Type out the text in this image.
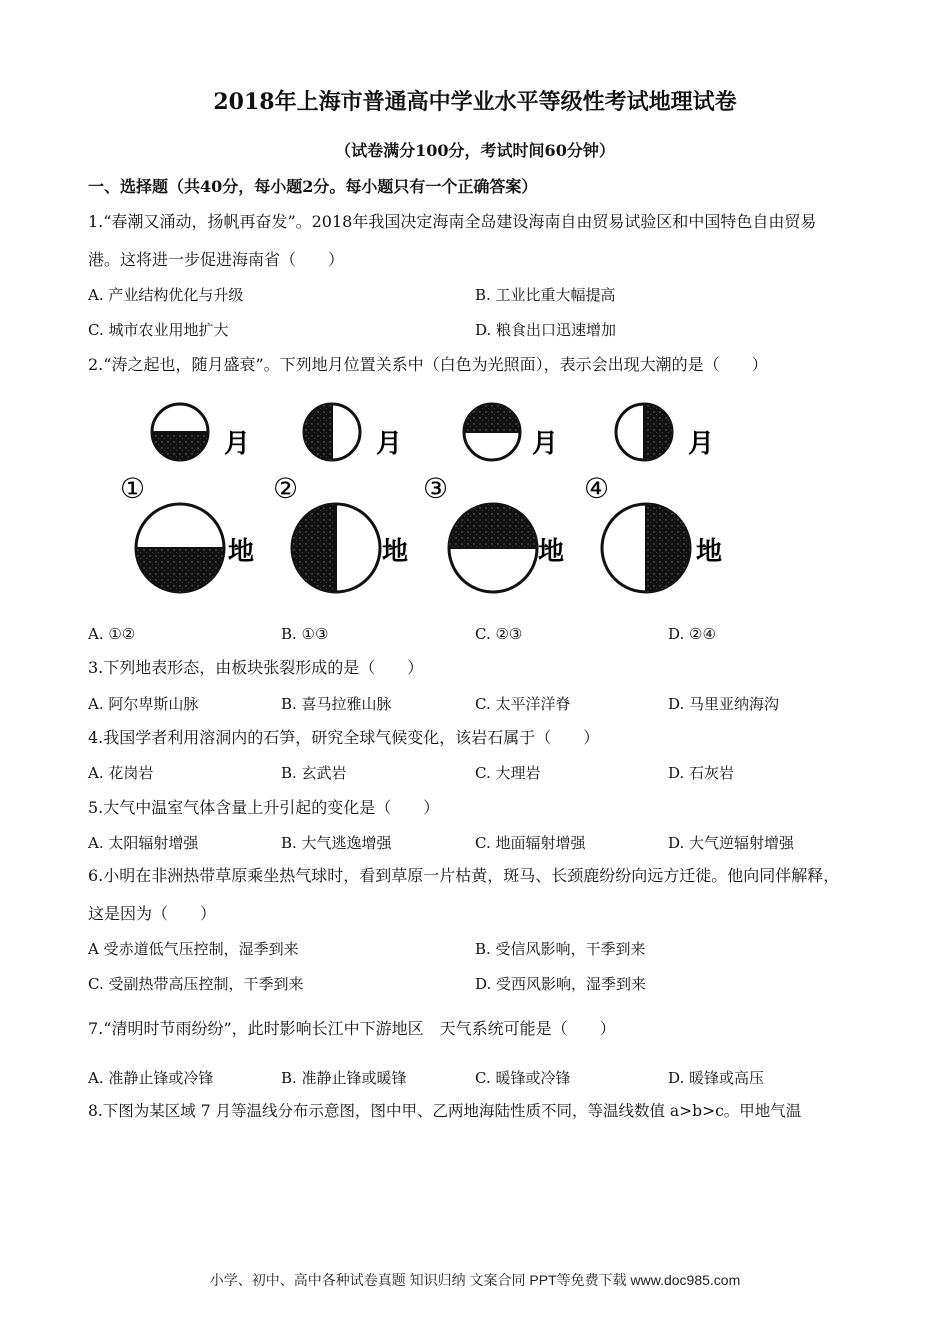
2018年上海市普通高中学业水平等级性考试地理试卷
（试卷满分100分，考试时间60分钟）
一、选择题（共40分，每小题2分。每小题只有一个正确答案）
1.“春潮又涌动，扬帆再奋发”。2018年我国决定海南全岛建设海南自由贸易试验区和中国特色自由贸易
港。这将进一步促进海南省（　　）
A. 产业结构优化与升级	B. 工业比重大幅提高
C. 城市农业用地扩大	D. 粮食出口迅速增加
2.“涛之起也，随月盛衰”。下列地月位置关系中（白色为光照面），表示会出现大潮的是（　　）
月
①
地
月
②
地
月
③
地
月
④
地
A. ①②	B. ①③	C. ②③	D. ②④
3.下列地表形态，由板块张裂形成的是（　　）
A. 阿尔卑斯山脉	B. 喜马拉雅山脉	C. 太平洋洋脊	D. 马里亚纳海沟
4.我国学者利用溶洞内的石笋，研究全球气候变化，该岩石属于（　　）
A. 花岗岩	B. 玄武岩	C. 大理岩	D. 石灰岩
5.大气中温室气体含量上升引起的变化是（　　）
A. 太阳辐射增强	B. 大气逃逸增强	C. 地面辐射增强	D. 大气逆辐射增强
6.小明在非洲热带草原乘坐热气球时，看到草原一片枯黄，斑马、长颈鹿纷纷向远方迁徙。他向同伴解释，
这是因为（　　）
A 受赤道低气压控制，湿季到来	B. 受信风影响，干季到来
C. 受副热带高压控制，干季到来	D. 受西风影响，湿季到来
7.“清明时节雨纷纷”，此时影响长江中下游地区　天气系统可能是（　　）
A. 准静止锋或冷锋	B. 准静止锋或暖锋	C. 暖锋或冷锋	D. 暖锋或高压
8.下图为某区域 7 月等温线分布示意图，图中甲、乙两地海陆性质不同，等温线数值 a>b>c。甲地气温
小学、初中、高中各种试卷真题 知识归纳 文案合同 PPT等免费下载 www.doc985.com
